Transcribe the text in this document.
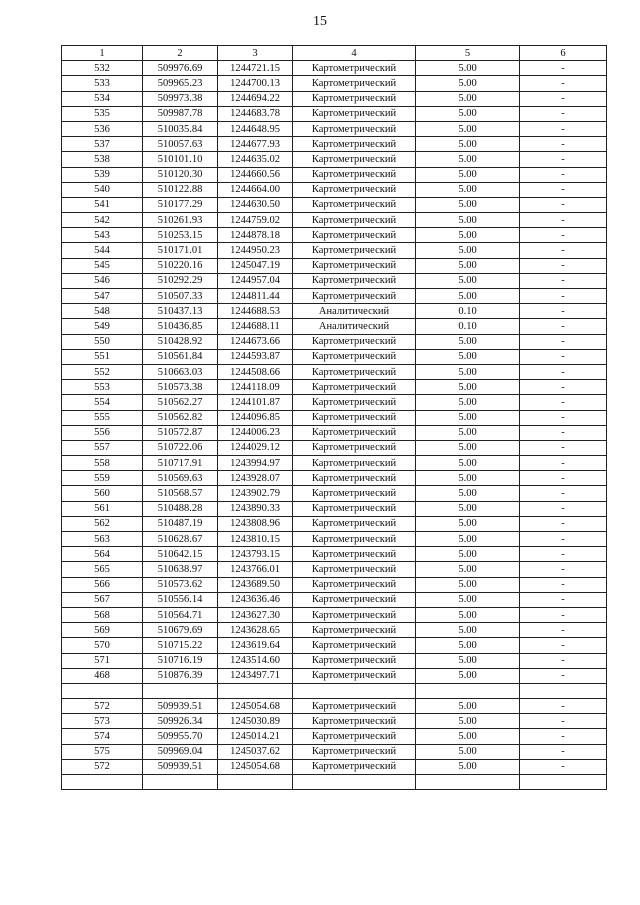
15
1	2	3	4	5	6
532	509976.69	1244721.15	Картометрический	5.00	-
533	509965.23	1244700.13	Картометрический	5.00	-
534	509973.38	1244694.22	Картометрический	5.00	-
535	509987.78	1244683.78	Картометрический	5.00	-
536	510035.84	1244648.95	Картометрический	5.00	-
537	510057.63	1244677.93	Картометрический	5.00	-
538	510101.10	1244635.02	Картометрический	5.00	-
539	510120.30	1244660.56	Картометрический	5.00	-
540	510122.88	1244664.00	Картометрический	5.00	-
541	510177.29	1244630.50	Картометрический	5.00	-
542	510261.93	1244759.02	Картометрический	5.00	-
543	510253.15	1244878.18	Картометрический	5.00	-
544	510171.01	1244950.23	Картометрический	5.00	-
545	510220.16	1245047.19	Картометрический	5.00	-
546	510292.29	1244957.04	Картометрический	5.00	-
547	510507.33	1244811.44	Картометрический	5.00	-
548	510437.13	1244688.53	Аналитический	0.10	-
549	510436.85	1244688.11	Аналитический	0.10	-
550	510428.92	1244673.66	Картометрический	5.00	-
551	510561.84	1244593.87	Картометрический	5.00	-
552	510663.03	1244508.66	Картометрический	5.00	-
553	510573.38	1244118.09	Картометрический	5.00	-
554	510562.27	1244101.87	Картометрический	5.00	-
555	510562.82	1244096.85	Картометрический	5.00	-
556	510572.87	1244006.23	Картометрический	5.00	-
557	510722.06	1244029.12	Картометрический	5.00	-
558	510717.91	1243994.97	Картометрический	5.00	-
559	510569.63	1243928.07	Картометрический	5.00	-
560	510568.57	1243902.79	Картометрический	5.00	-
561	510488.28	1243890.33	Картометрический	5.00	-
562	510487.19	1243808.96	Картометрический	5.00	-
563	510628.67	1243810.15	Картометрический	5.00	-
564	510642.15	1243793.15	Картометрический	5.00	-
565	510638.97	1243766.01	Картометрический	5.00	-
566	510573.62	1243689.50	Картометрический	5.00	-
567	510556.14	1243636.46	Картометрический	5.00	-
568	510564.71	1243627.30	Картометрический	5.00	-
569	510679.69	1243628.65	Картометрический	5.00	-
570	510715.22	1243619.64	Картометрический	5.00	-
571	510716.19	1243514.60	Картометрический	5.00	-
468	510876.39	1243497.71	Картометрический	5.00	-

572	509939.51	1245054.68	Картометрический	5.00	-
573	509926.34	1245030.89	Картометрический	5.00	-
574	509955.70	1245014.21	Картометрический	5.00	-
575	509969.04	1245037.62	Картометрический	5.00	-
572	509939.51	1245054.68	Картометрический	5.00	-
